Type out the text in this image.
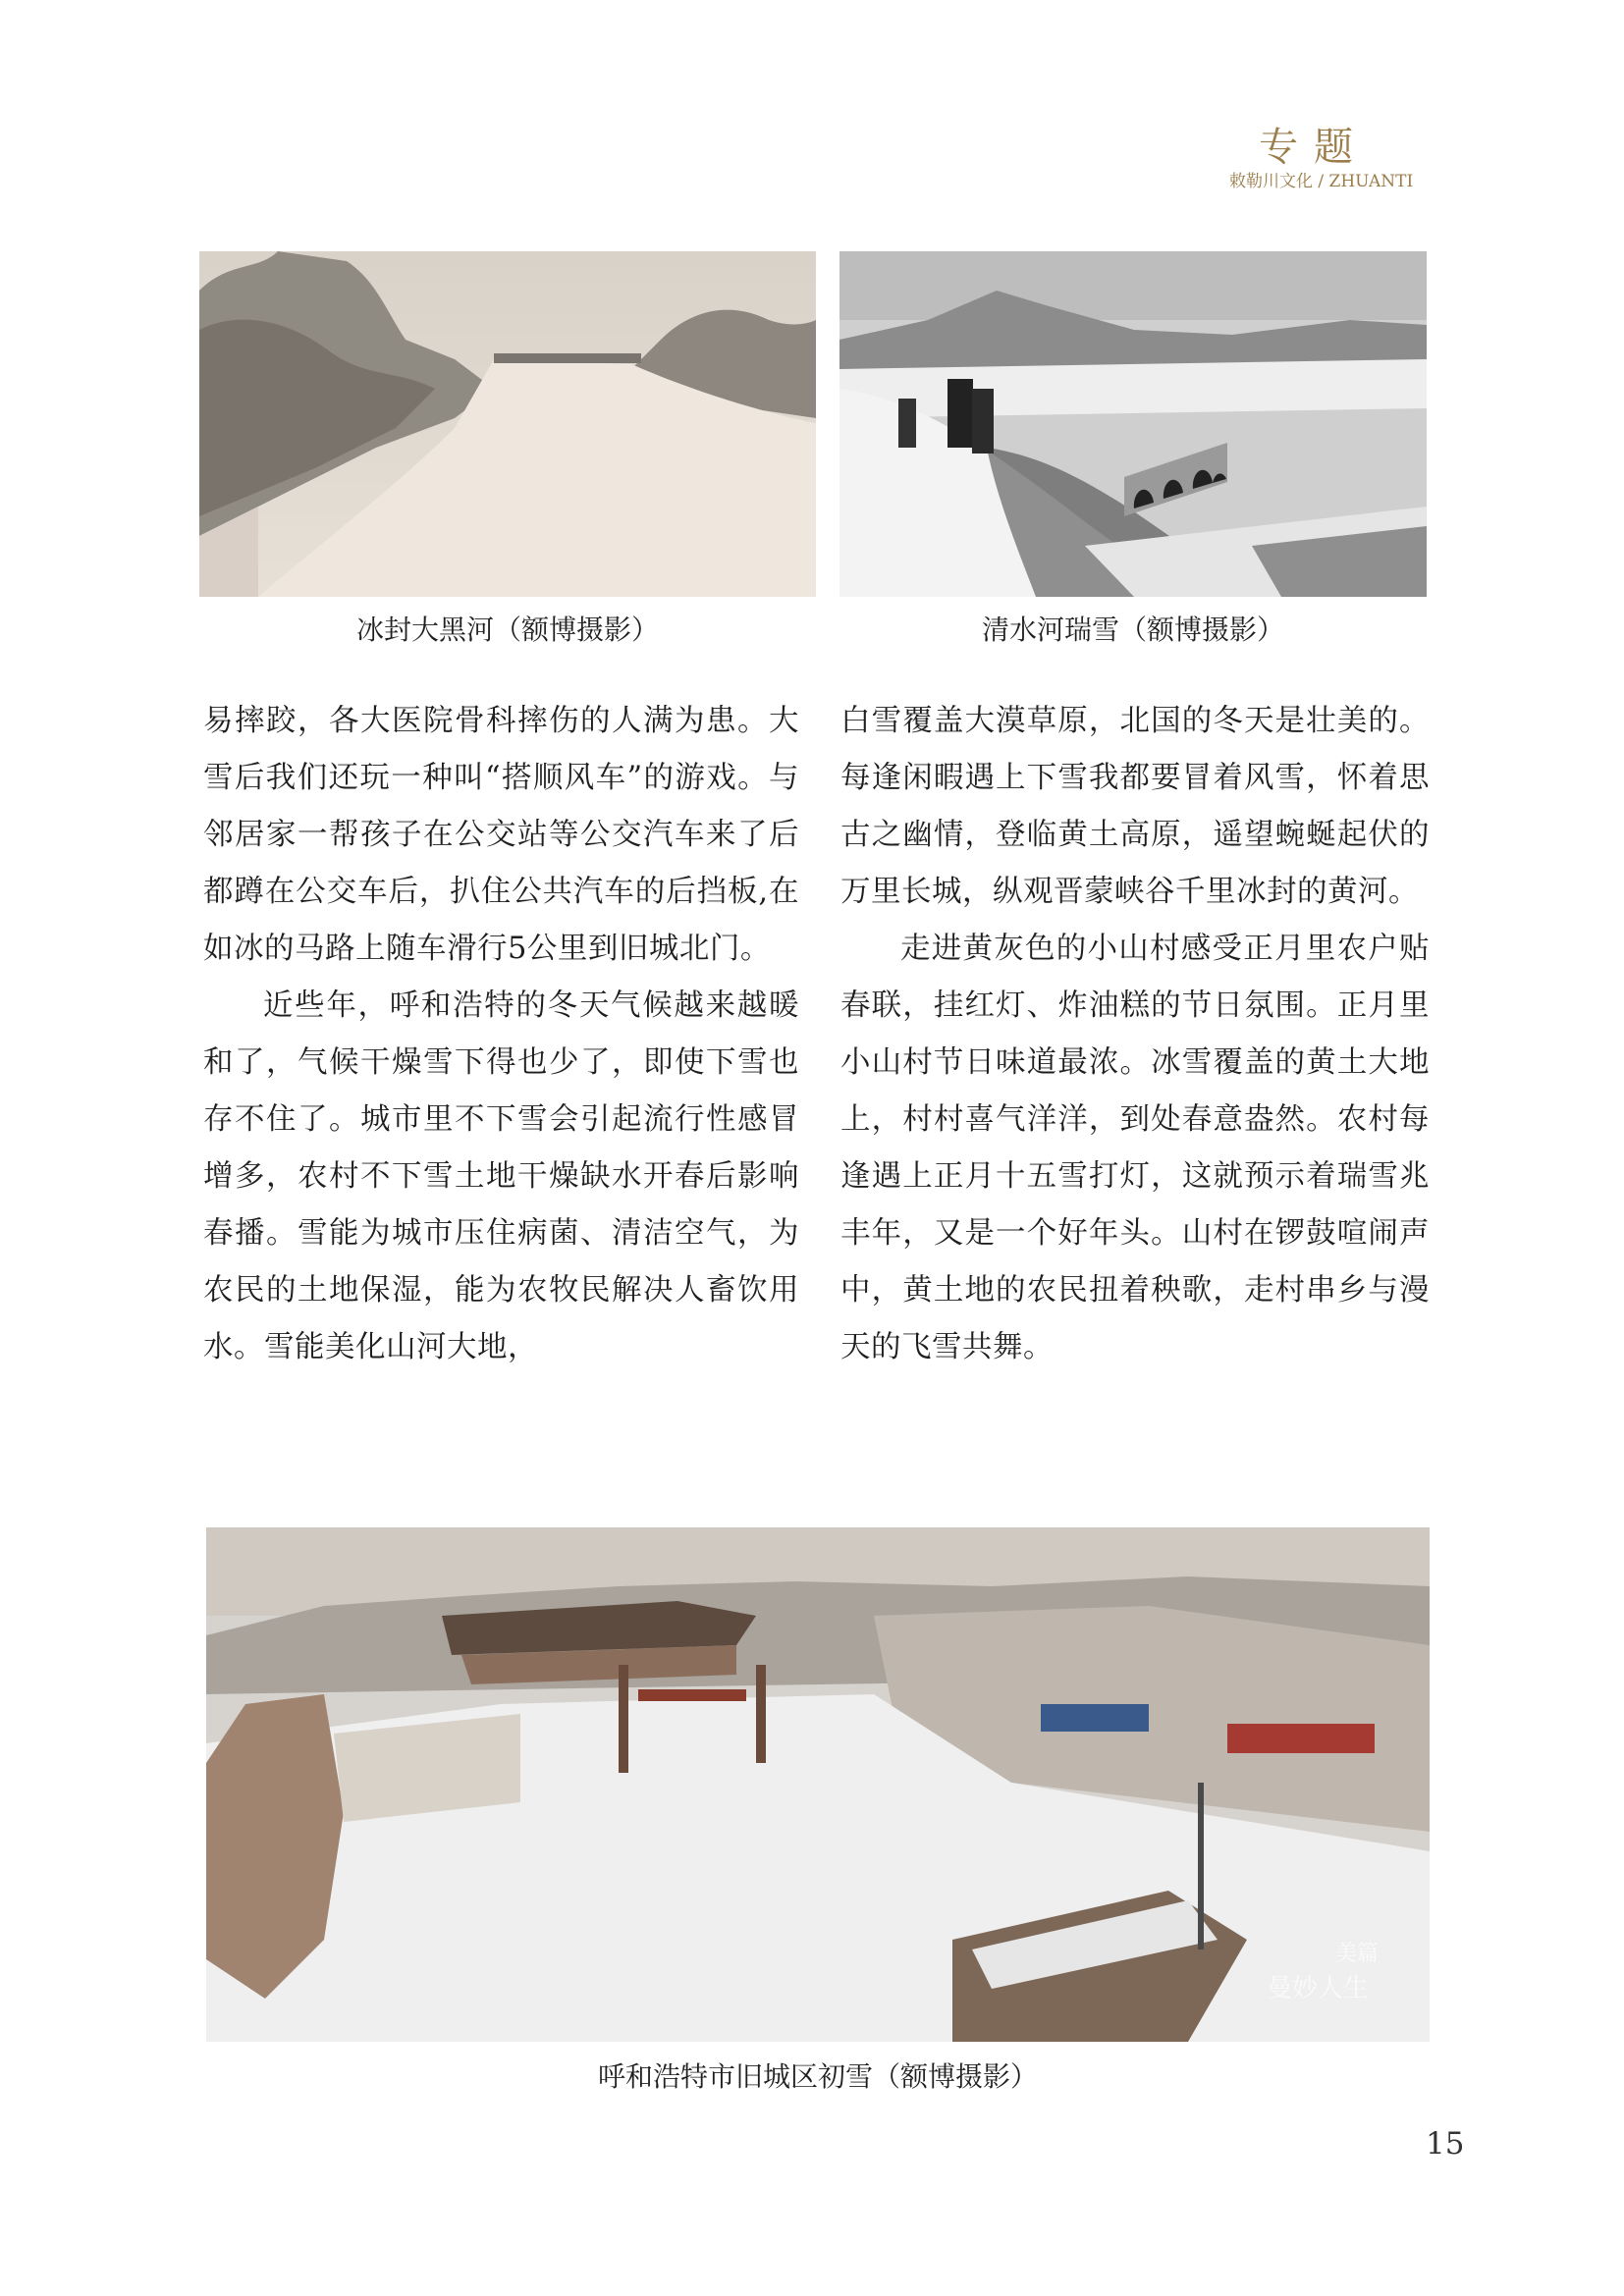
专题
敕勒川文化 / ZHUANTI
冰封大黑河（额博摄影）	清水河瑞雪（额博摄影）

易摔跤，各大医院骨科摔伤的人满为患。大雪后我们还玩一种叫“搭顺风车”的游戏。与邻居家一帮孩子在公交站等公交汽车来了后都蹲在公交车后，扒住公共汽车的后挡板,在如冰的马路上随车滑行5公里到旧城北门。

近些年，呼和浩特的冬天气候越来越暖和了，气候干燥雪下得也少了，即使下雪也存不住了。城市里不下雪会引起流行性感冒增多，农村不下雪土地干燥缺水开春后影响春播。雪能为城市压住病菌、清洁空气，为农民的土地保湿，能为农牧民解决人畜饮用水。雪能美化山河大地，

白雪覆盖大漠草原，北国的冬天是壮美的。每逢闲暇遇上下雪我都要冒着风雪，怀着思古之幽情，登临黄土高原，遥望蜿蜒起伏的万里长城，纵观晋蒙峡谷千里冰封的黄河。

走进黄灰色的小山村感受正月里农户贴春联，挂红灯、炸油糕的节日氛围。正月里小山村节日味道最浓。冰雪覆盖的黄土大地上，村村喜气洋洋，到处春意盎然。农村每逢遇上正月十五雪打灯，这就预示着瑞雪兆丰年，又是一个好年头。山村在锣鼓喧闹声中，黄土地的农民扭着秧歌，走村串乡与漫天的飞雪共舞。

美篇
曼妙人生
呼和浩特市旧城区初雪（额博摄影）
15
